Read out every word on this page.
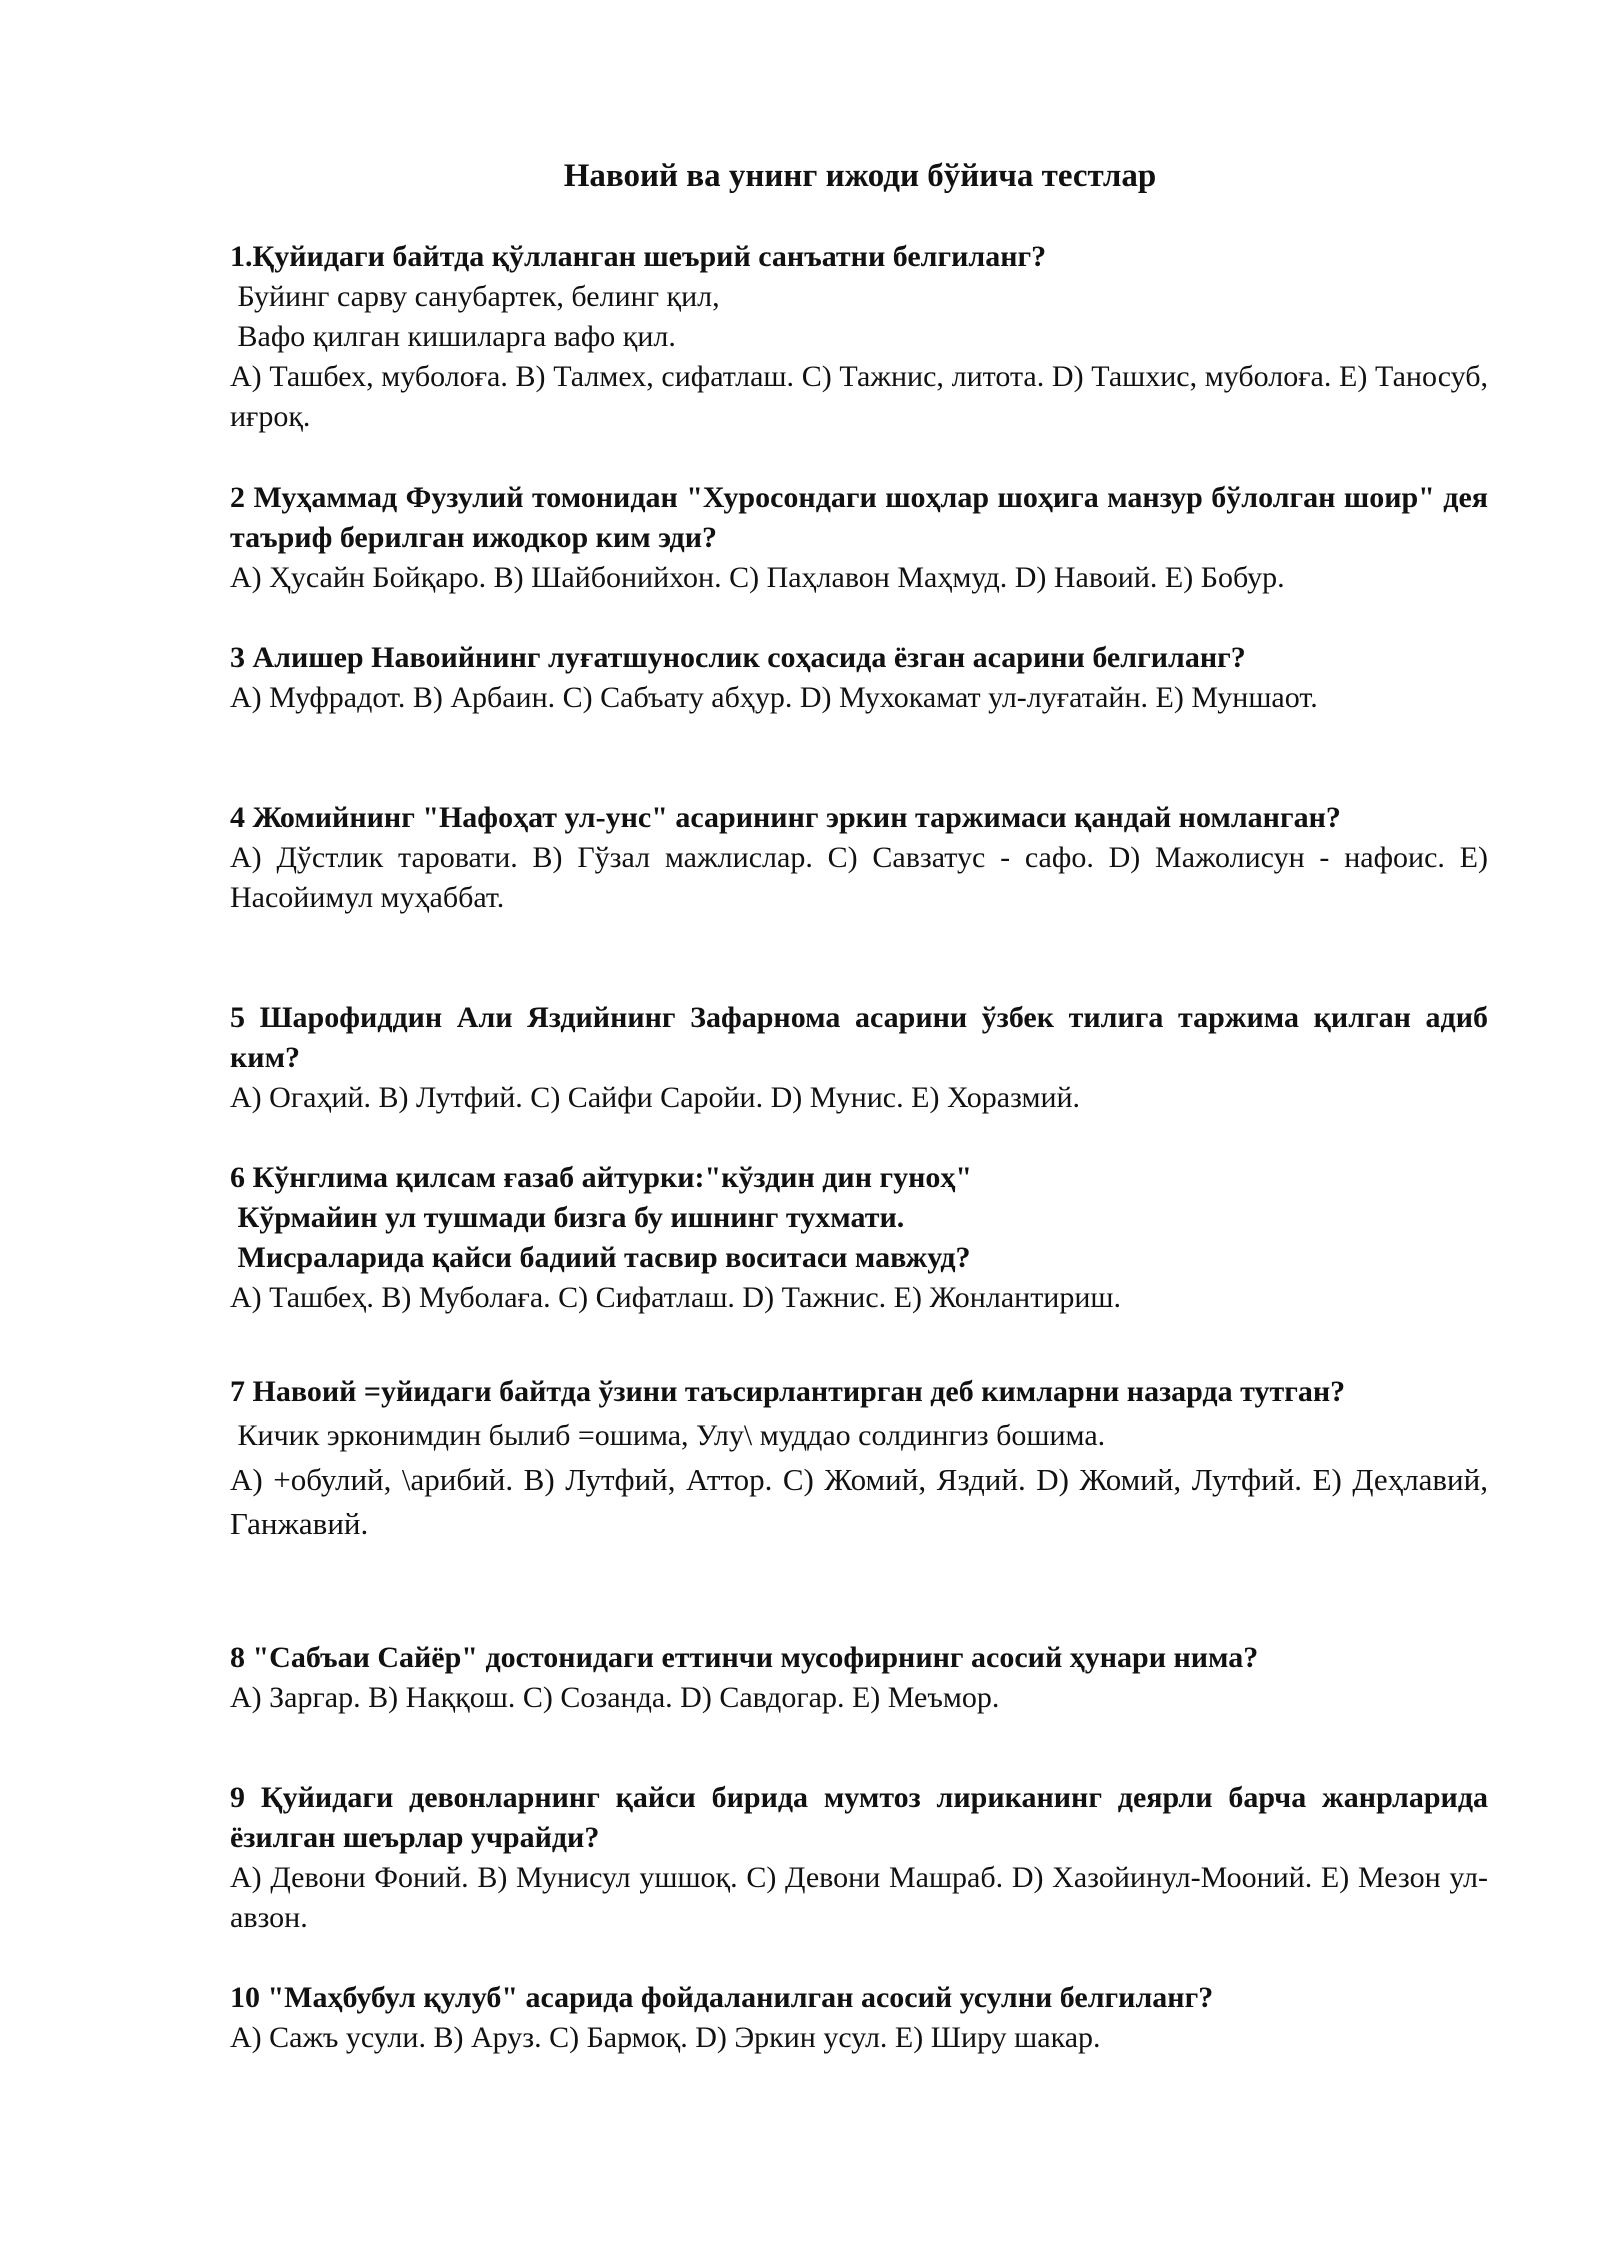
Навоий ва унинг ижоди бўйича тестлар

1.Қуйидаги байтда қўлланган шеърий санъатни белгиланг?

Буйинг сарву санубартек, белинг қил,

Вафо қилган кишиларга вафо қил.

А) Ташбех, муболоға. В) Талмех, сифатлаш. С) Тажнис, литота. D) Ташхис, муболоға. Е) Таносуб, иғроқ.

2 Муҳаммад Фузулий томонидан "Хуросондаги шоҳлар шоҳига манзур бўлолган шоир" дея таъриф берилган ижодкор ким эди?

А) Ҳусайн Бойқаро. В) Шайбонийхон. С) Паҳлавон Маҳмуд. D) Навоий. Е) Бобур.

3 Алишер Навоийнинг луғатшунослик соҳасида ёзган асарини белгиланг?

А) Муфрадот. В) Арбаин. С) Сабъату абҳур. D) Мухокамат ул-луғатайн. Е) Муншаот.

4 Жомийнинг "Нафоҳат ул-унс" асарининг эркин таржимаси қандай номланган?

А) Дўстлик таровати. В) Гўзал мажлислар. С) Савзатус - сафо. D) Мажолисун - нафоис. Е) Насойимул муҳаббат.

5 Шарофиддин Али Яздийнинг Зафарнома асарини ўзбек тилига таржима қилган адиб ким?

А) Огаҳий. В) Лутфий. С) Сайфи Саройи. D) Мунис. Е) Хоразмий.

6 Кўнглима қилсам ғазаб айтурки:"кўздин дин гуноҳ"

Кўрмайин ул тушмади бизга бу ишнинг тухмати.

Мисраларида қайси бадиий тасвир воситаси мавжуд?

А) Ташбеҳ. В) Муболаға. С) Сифатлаш. D) Тажнис. Е) Жонлантириш.

7 Навоий =уйидаги байтда ўзини таъсирлантирган деб кимларни назарда тутган?

Кичик эрконимдин былиб =ошима, Улу\ муддао солдингиз бошима.

А) +обулий, \арибий. В) Лутфий, Аттор. С) Жомий, Яздий. D) Жомий, Лутфий. Е) Деҳлавий, Ганжавий.

8 "Сабъаи Сайёр" достонидаги еттинчи мусофирнинг асосий ҳунари нима?

А) Заргар. В) Наққош. С) Созанда. D) Савдогар. Е) Меъмор.

9 Қуйидаги девонларнинг қайси бирида мумтоз лириканинг деярли барча жанрларида ёзилган шеърлар учрайди?

А) Девони Фоний. В) Мунисул ушшоқ. С) Девони Машраб. D) Хазойинул-Мооний. Е) Мезон ул-авзон.

10 "Маҳбубул қулуб" асарида фойдаланилган асосий усулни белгиланг?

А) Сажъ усули. В) Аруз. С) Бармоқ. D) Эркин усул. Е) Ширу шакар.
